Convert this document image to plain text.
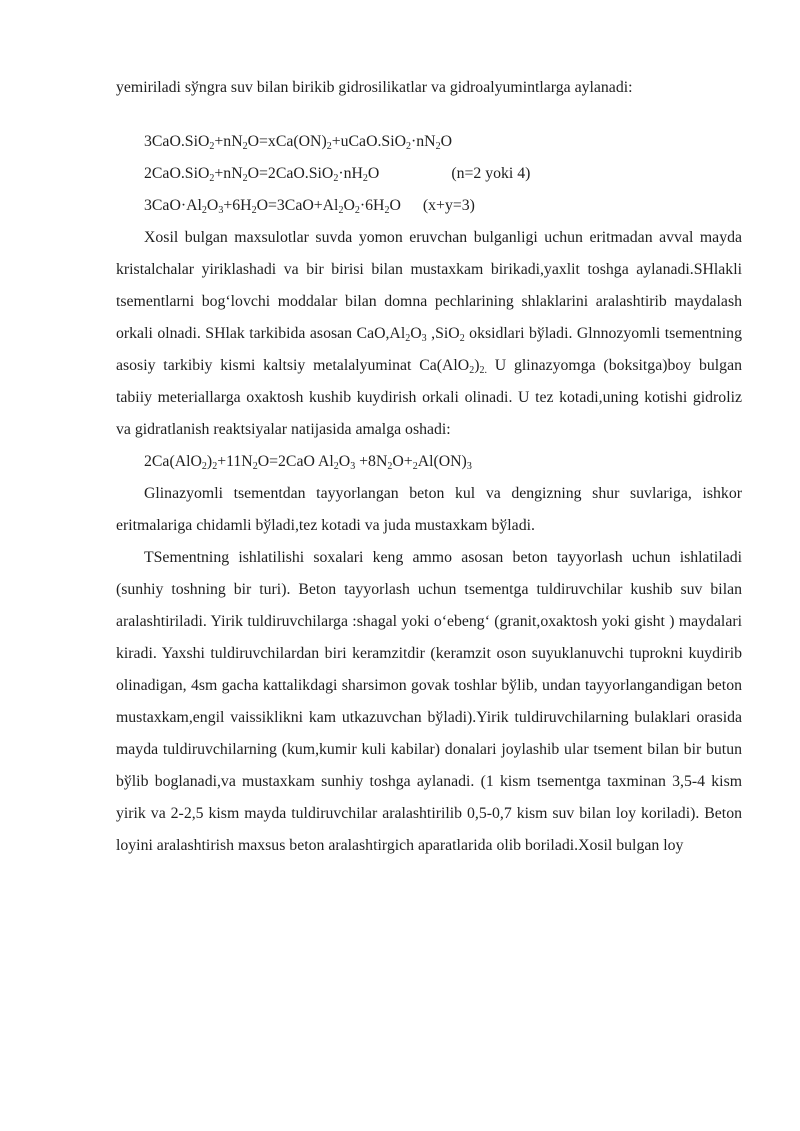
yemiriladi sўngra suv bilan birikib gidrosilikatlar va gidroalyumintlarga aylanadi:

$3CaO.SiO_2+nN_2O=xCa(ON)_2+uCaO.SiO_2\cdot nN_2O$

$2CaO.SiO_2+nN_2O=2CaO.SiO_2\cdot nH_2O$	(n=2 yoki 4)

$3CaO\cdot Al_2O_3+6H_2O=3CaO+Al_2O_2\cdot 6H_2O$ (x+y=3)

Xosil bulgan maxsulotlar suvda yomon eruvchan bulganligi uchun eritmadan avval mayda kristalchalar yiriklashadi va bir birisi bilan mustaxkam birikadi,yaxlit toshga aylanadi.SHlakli tsementlarni bog‘lovchi moddalar bilan domna pechlarining shlaklarini aralashtirib maydalash orkali olnadi. SHlak tarkibida asosan $CaO,Al_2O_3$ ,SiO$_2$ oksidlari bўladi. Glnnozyomli tsementning asosiy tarkibiy kismi kaltsiy metalalyuminat $Ca(AlO_2)_{2.}$ U glinazyomga (boksitga)boy bulgan tabiiy meteriallarga oxaktosh kushib kuydirish orkali olinadi. U tez kotadi,uning kotishi gidroliz va gidratlanish reaktsiyalar natijasida amalga oshadi:

$2Ca(AlO_2)_2+11N_2O=2CaO$ $Al_2O_3 +8N_2O+_2Al(ON)_3$

Glinazyomli tsementdan tayyorlangan beton kul va dengizning shur suvlariga, ishkor eritmalariga chidamli bўladi,tez kotadi va juda mustaxkam bўladi.

TSementning ishlatilishi soxalari keng ammo asosan beton tayyorlash uchun ishlatiladi (sunhiy toshning bir turi). Beton tayyorlash uchun tsementga tuldiruvchilar kushib suv bilan aralashtiriladi. Yirik tuldiruvchilarga :shagal yoki o‘ebeng‘ (granit,oxaktosh yoki gisht ) maydalari kiradi. Yaxshi tuldiruvchilardan biri keramzitdir (keramzit oson suyuklanuvchi tuprokni kuydirib olinadigan, 4sm gacha kattalikdagi sharsimon govak toshlar bўlib, undan tayyorlangandigan beton mustaxkam,engil vaissiklikni kam utkazuvchan bўladi).Yirik tuldiruvchilarning bulaklari orasida mayda tuldiruvchilarning (kum,kumir kuli kabilar) donalari joylashib ular tsement bilan bir butun bўlib boglanadi,va mustaxkam sunhiy toshga aylanadi. (1 kism tsementga taxminan 3,5-4 kism yirik va 2-2,5 kism mayda tuldiruvchilar aralashtirilib 0,5-0,7 kism suv bilan loy koriladi). Beton loyini aralashtirish maxsus beton aralashtirgich aparatlarida olib boriladi.Xosil bulgan loy
